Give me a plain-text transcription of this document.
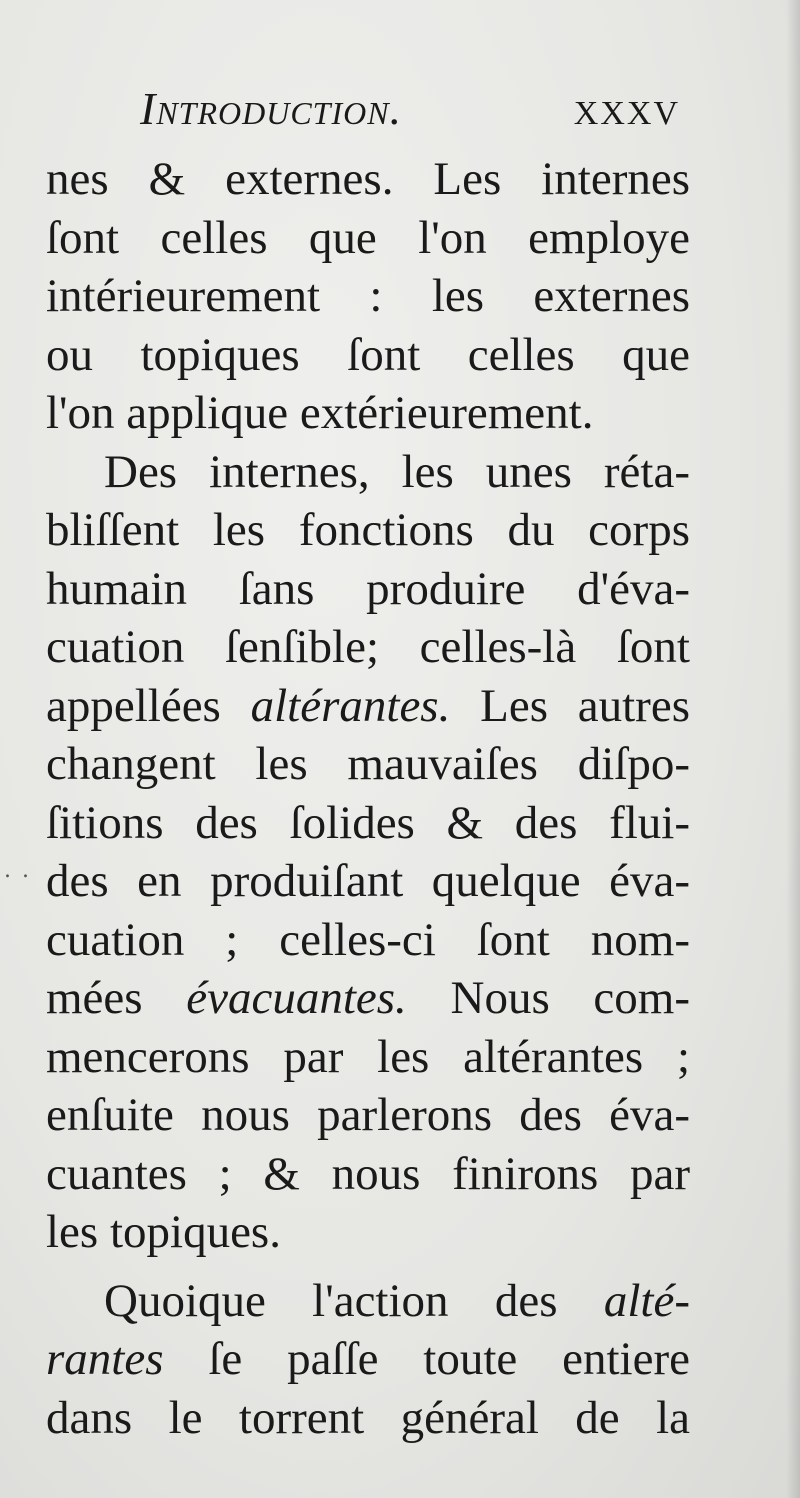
Introduction.	XXXV
. .
nes & externes. Les internes
ſont celles que l'on employe
intérieurement : les externes
ou topiques ſont celles que
l'on applique extérieurement.
Des internes, les unes réta-
bliſſent les fonctions du corps
humain ſans produire d'éva-
cuation ſenſible; celles-là ſont
appellées altérantes. Les autres
changent les mauvaiſes diſpo-
ſitions des ſolides & des flui-
des en produiſant quelque éva-
cuation ; celles-ci ſont nom-
mées évacuantes. Nous com-
mencerons par les altérantes ;
enſuite nous parlerons des éva-
cuantes ; & nous finirons par
les topiques.
Quoique l'action des alté-
rantes ſe paſſe toute entiere
dans le torrent général de la
